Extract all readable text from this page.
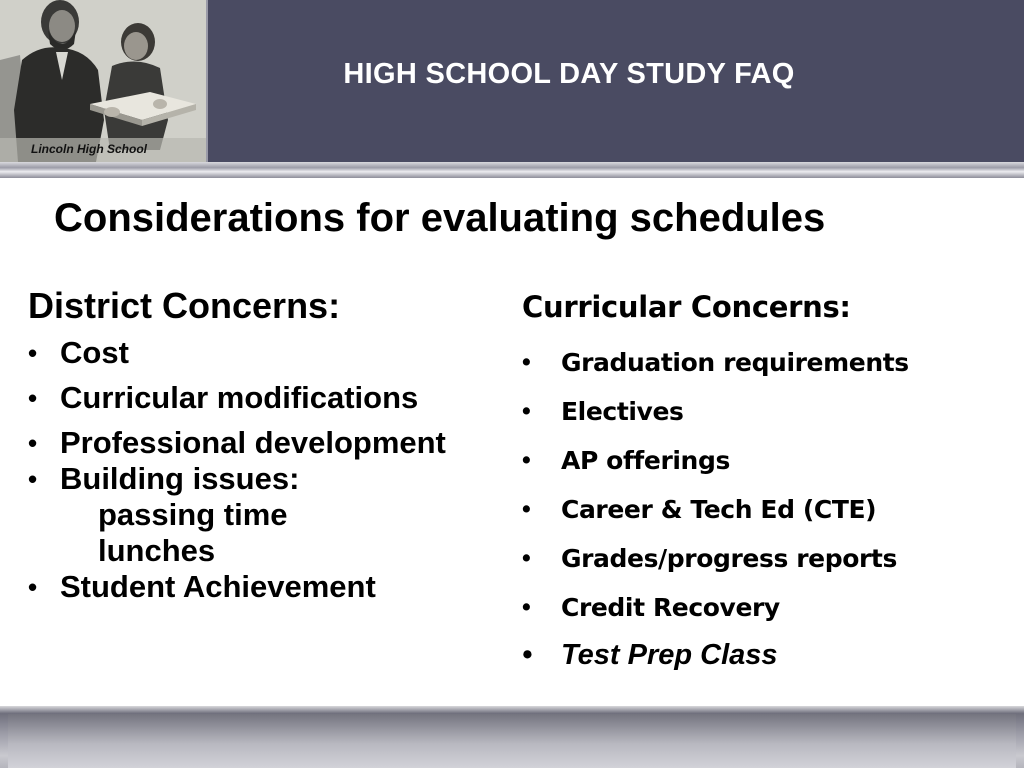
Lincoln High School
HIGH SCHOOL DAY STUDY FAQ
Considerations for evaluating schedules
District Concerns:
• Cost
• Curricular modifications
• Professional development
• Building issues:
passing time
lunches
• Student Achievement
Curricular Concerns:
• Graduation requirements
• Electives
• AP offerings
• Career & Tech Ed (CTE)
• Grades/progress reports
• Credit Recovery
• Test Prep Class
